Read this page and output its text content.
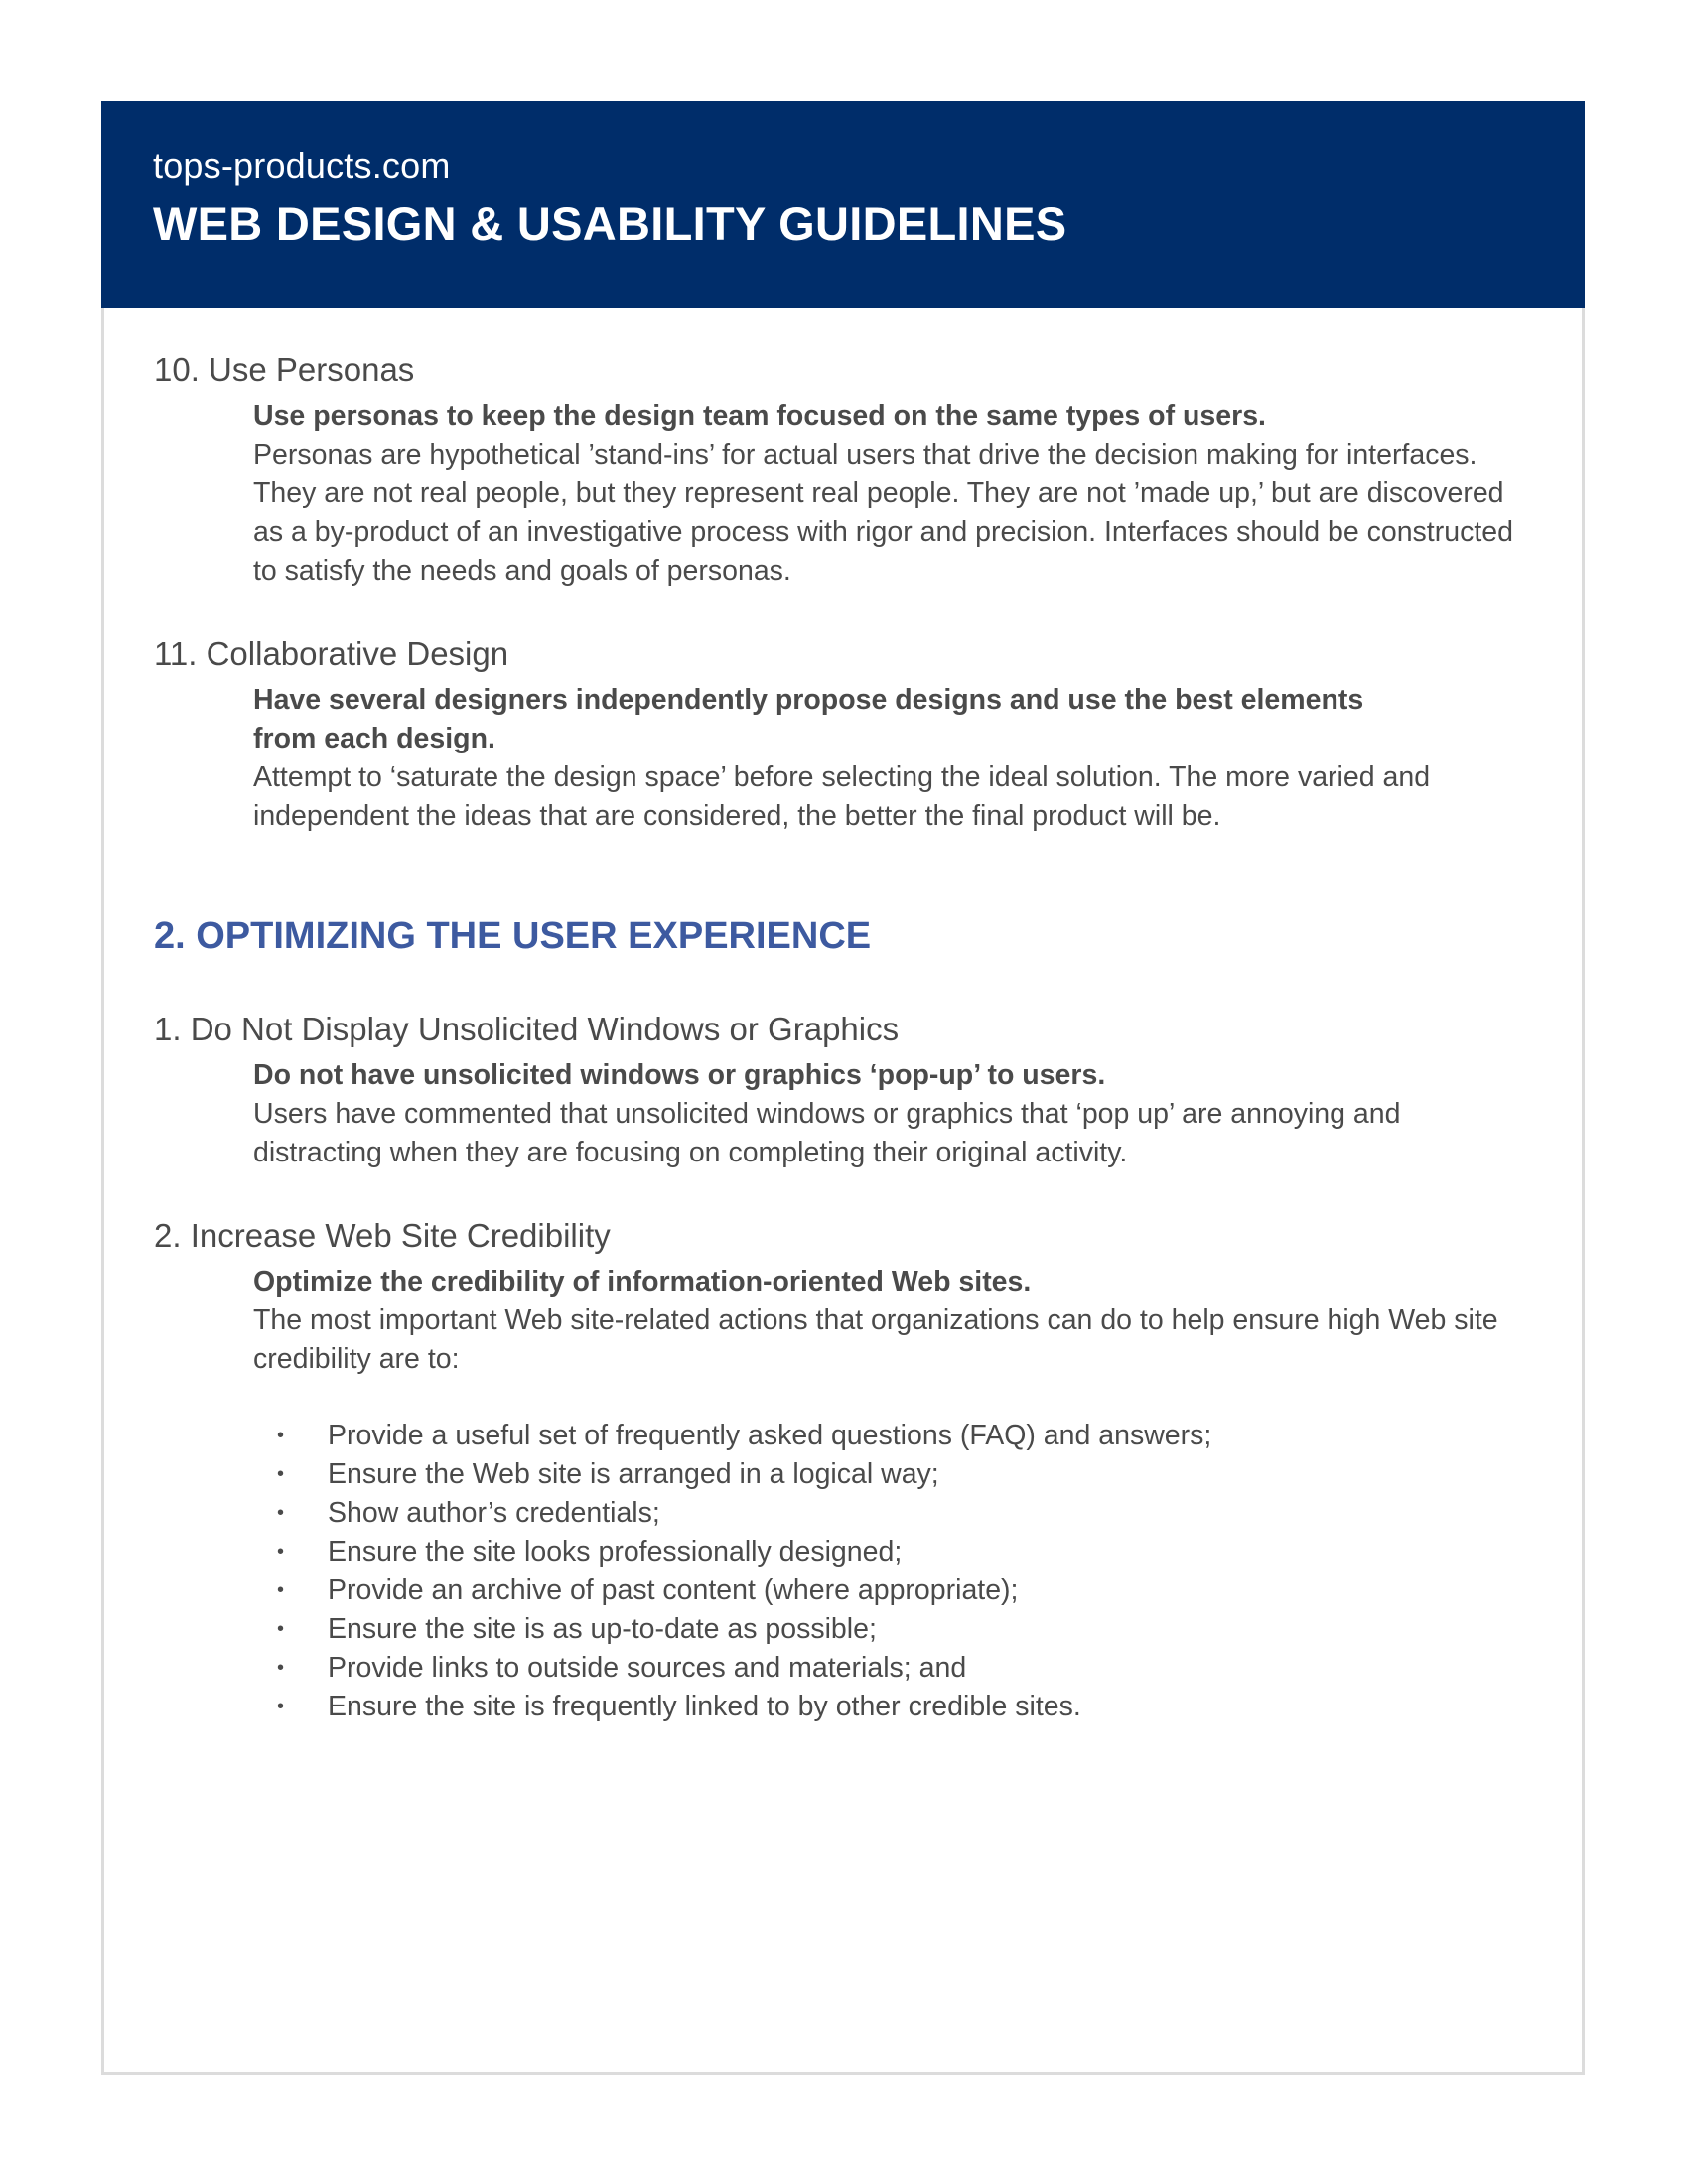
tops-products.com
WEB DESIGN & USABILITY GUIDELINES
10. Use Personas
Use personas to keep the design team focused on the same types of users.
Personas are hypothetical ’stand-ins’ for actual users that drive the decision making for interfaces. They are not real people, but they represent real people. They are not ’made up,’ but are discovered as a by-product of an investigative process with rigor and precision. Interfaces should be constructed to satisfy the needs and goals of personas.
11. Collaborative Design
Have several designers independently propose designs and use the best elements from each design.
Attempt to ‘saturate the design space’ before selecting the ideal solution. The more varied and independent the ideas that are considered, the better the final product will be.
2. OPTIMIZING THE USER EXPERIENCE
1. Do Not Display Unsolicited Windows or Graphics
Do not have unsolicited windows or graphics ‘pop-up’ to users.
Users have commented that unsolicited windows or graphics that ‘pop up’ are annoying and distracting when they are focusing on completing their original activity.
2. Increase Web Site Credibility
Optimize the credibility of information-oriented Web sites.
The most important Web site-related actions that organizations can do to help ensure high Web site credibility are to:
• Provide a useful set of frequently asked questions (FAQ) and answers;
• Ensure the Web site is arranged in a logical way;
• Show author’s credentials;
• Ensure the site looks professionally designed;
• Provide an archive of past content (where appropriate);
• Ensure the site is as up-to-date as possible;
• Provide links to outside sources and materials; and
• Ensure the site is frequently linked to by other credible sites.
